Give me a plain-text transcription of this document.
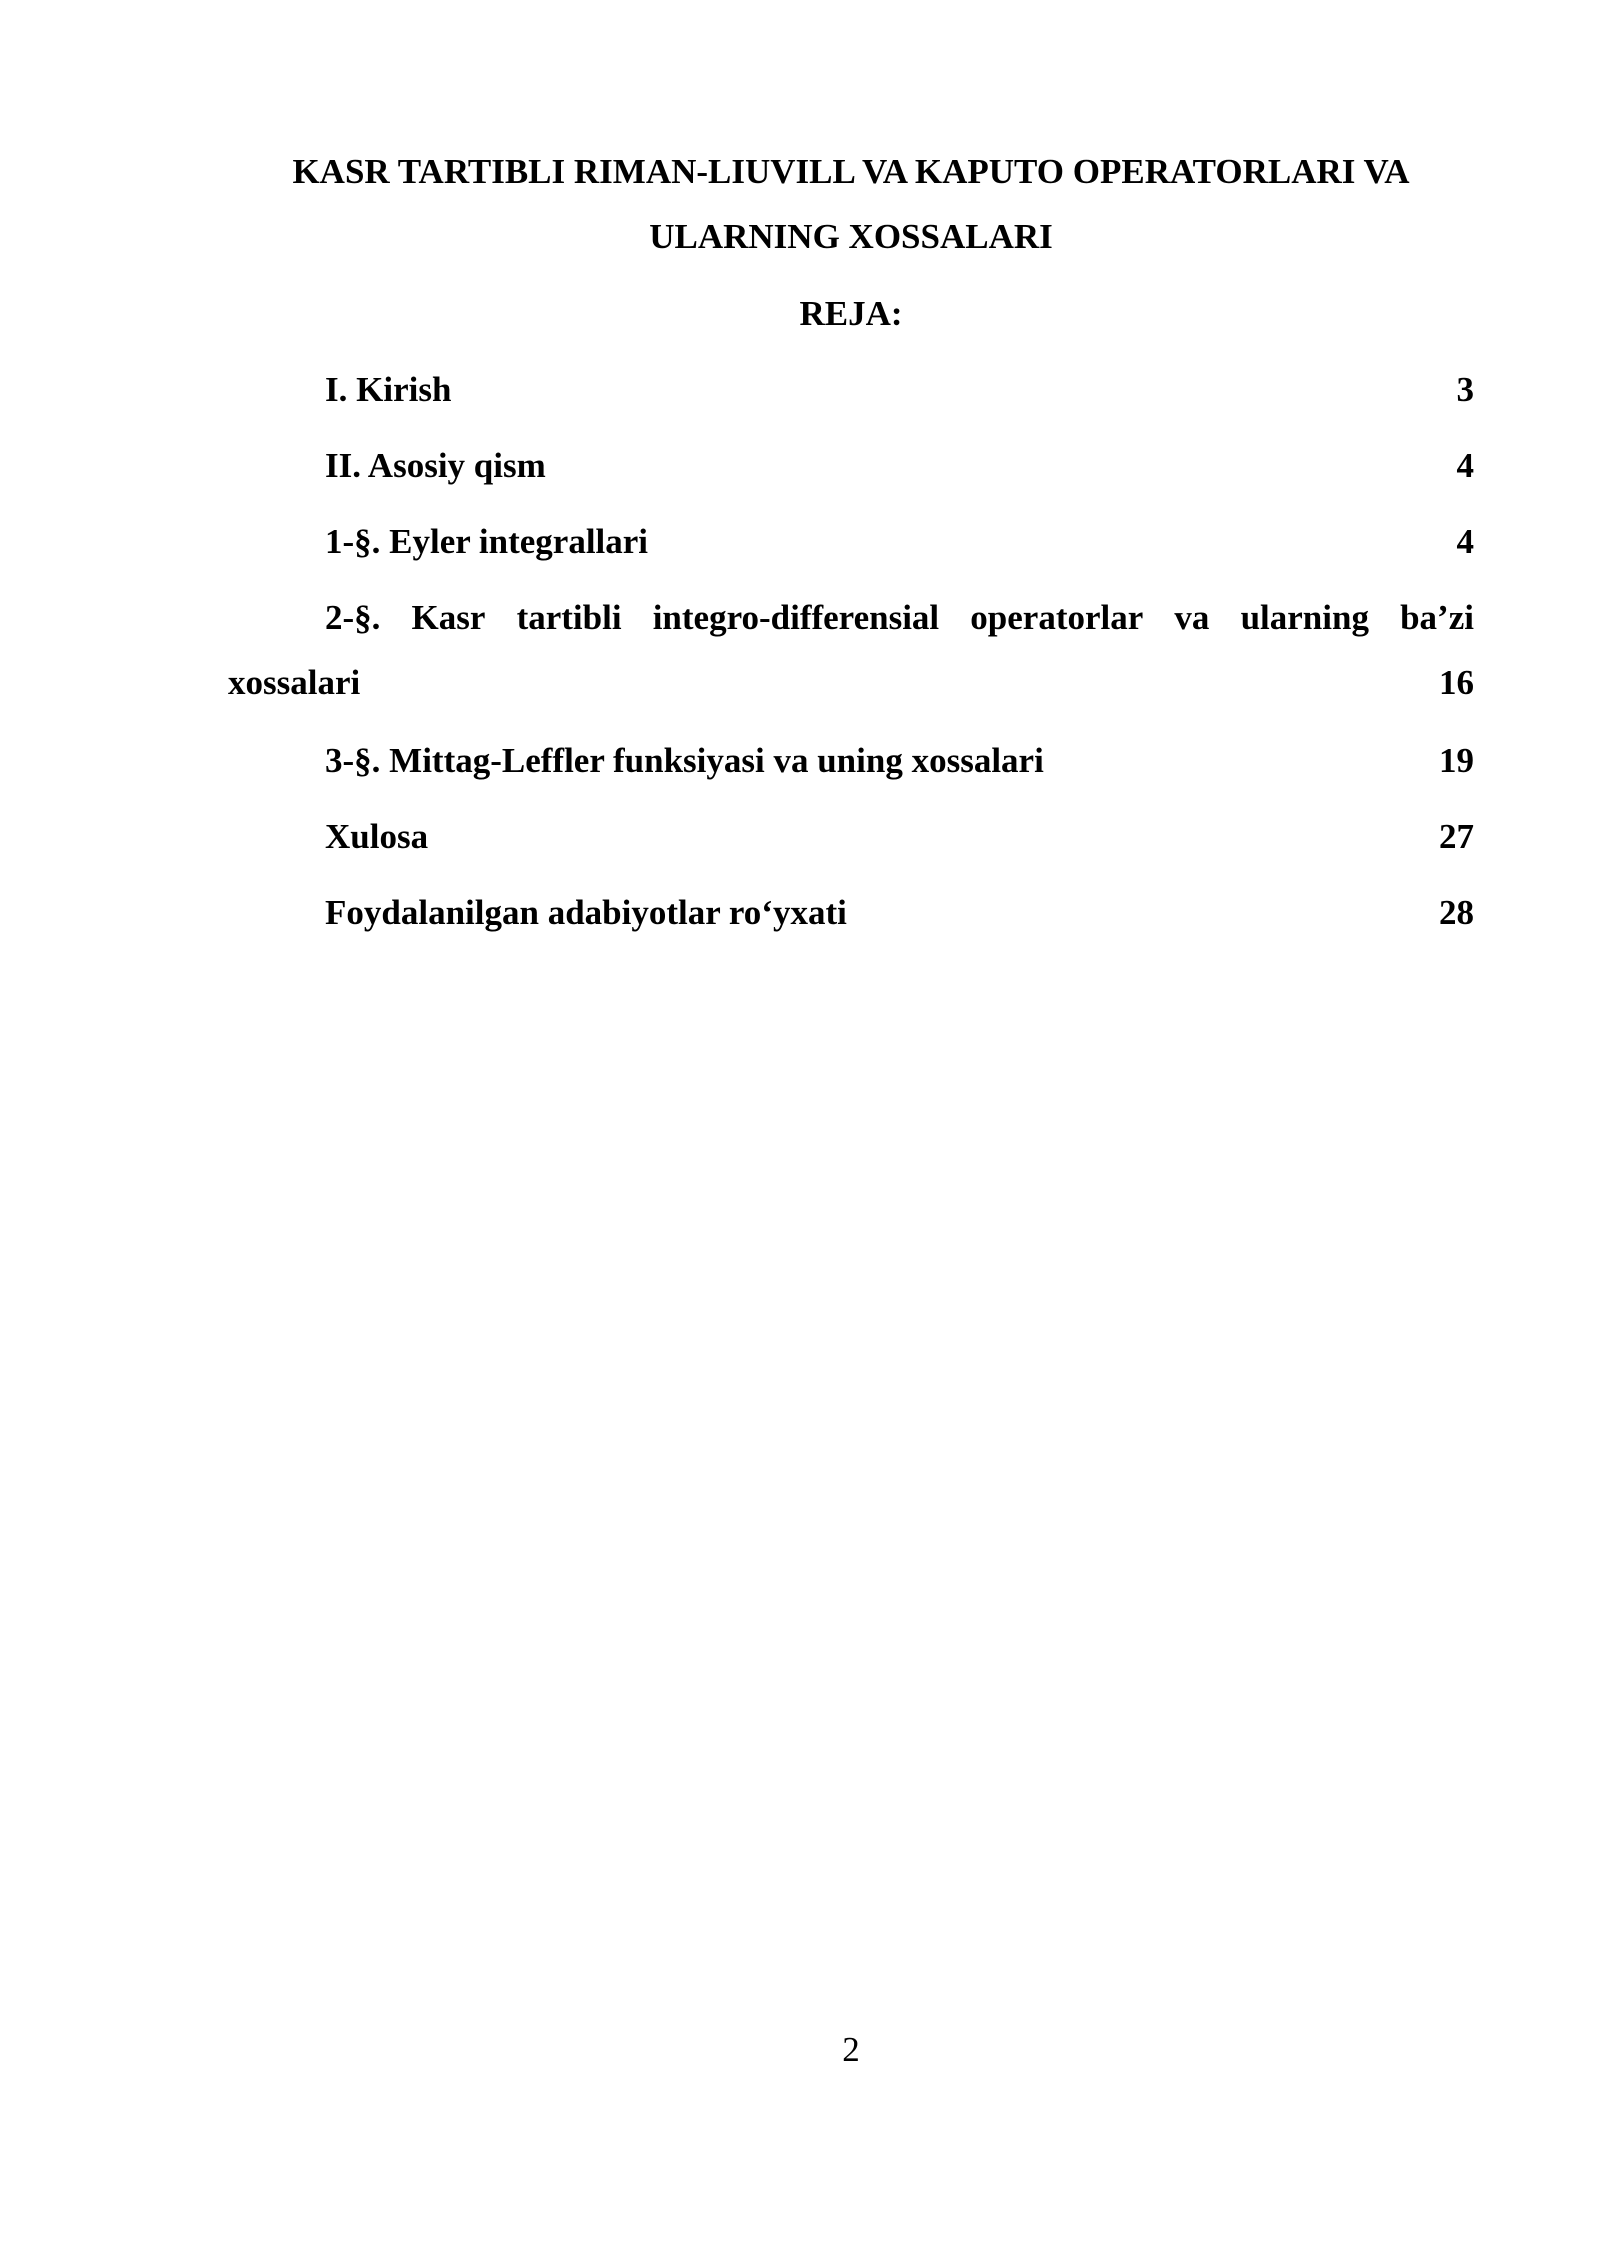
KASR TARTIBLI RIMAN-LIUVILL VA KAPUTO OPERATORLARI VA
ULARNING XOSSALARI
REJA:
I. Kirish	3
II. Asosiy qism	4
1-§. Eyler integrallari	4
2-§. Kasr tartibli integro-differensial operatorlar va ularning ba’zi
xossalari	16
3-§. Mittag-Leffler funksiyasi va uning xossalari	19
Xulosa	27
Foydalanilgan adabiyotlar ro‘yxati	28
2
